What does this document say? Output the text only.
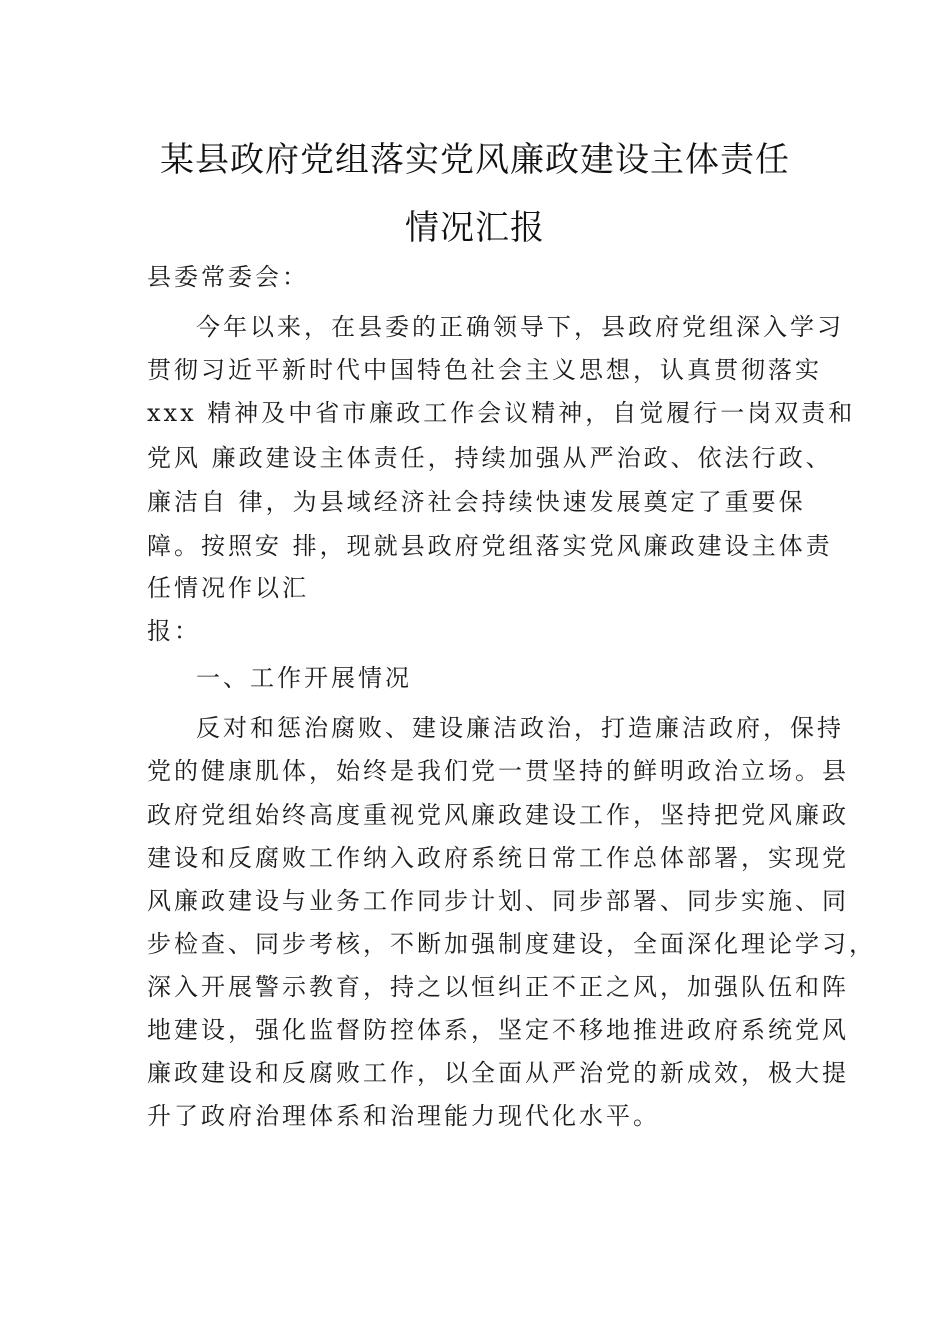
某县政府党组落实党风廉政建设主体责任
情况汇报
县委常委会：
今年以来，在县委的正确领导下，县政府党组深入学习
贯彻习近平新时代中国特色社会主义思想，认真贯彻落实
xxx 精神及中省市廉政工作会议精神，自觉履行一岗双责和
党风 廉政建设主体责任，持续加强从严治政、依法行政、
廉洁自 律，为县域经济社会持续快速发展奠定了重要保
障。按照安 排，现就县政府党组落实党风廉政建设主体责
任情况作以汇
报：
一、工作开展情况
反对和惩治腐败、建设廉洁政治，打造廉洁政府，保持
党的健康肌体，始终是我们党一贯坚持的鲜明政治立场。县
政府党组始终高度重视党风廉政建设工作，坚持把党风廉政
建设和反腐败工作纳入政府系统日常工作总体部署，实现党
风廉政建设与业务工作同步计划、同步部署、同步实施、同
步检查、同步考核，不断加强制度建设，全面深化理论学习，
深入开展警示教育，持之以恒纠正不正之风，加强队伍和阵
地建设，强化监督防控体系，坚定不移地推进政府系统党风
廉政建设和反腐败工作，以全面从严治党的新成效，极大提
升了政府治理体系和治理能力现代化水平。
